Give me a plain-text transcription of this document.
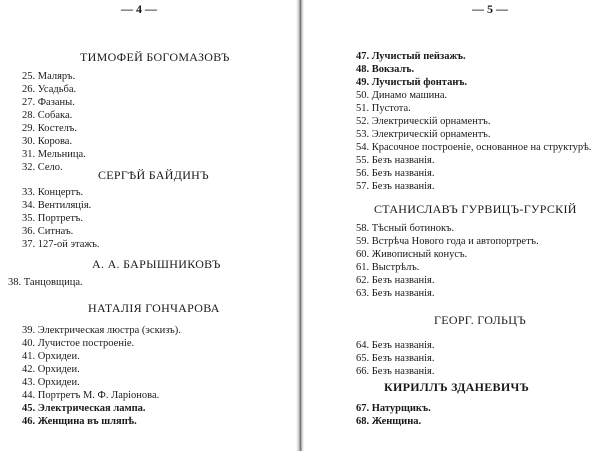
— 4 —
ТИМОФЕЙ БОГОМАЗОВЪ
25. Маляръ.
26. Усадьба.
27. Фазаны.
28. Собака.
29. Костелъ.
30. Корова.
31. Мельница.
32. Село.
СЕРГѢЙ БАЙДИНЪ
33. Концертъ.
34. Вентиляція.
35. Портретъ.
36. Ситнаъ.
37. 127-ой этажъ.
А. А. БАРЫШНИКОВЪ
38. Танцовщица.
НАТАЛІЯ ГОНЧАРОВА
39. Электрическая люстра (эскизъ).
40. Лучистое построеніе.
41. Орхидеи.
42. Орхидеи.
43. Орхидеи.
44. Портретъ М. Ф. Ларіонова.
45. Электрическая лампа.
46. Женщина въ шляпѣ.
— 5 —
47. Лучистый пейзажъ.
48. Вокзалъ.
49. Лучистый фонтанъ.
50. Динамо машина.
51. Пустота.
52. Электрическій орнаментъ.
53. Электрическій орнаментъ.
54. Красочное построеніе, основанное на структурѣ.
55. Безъ названія.
56. Безъ названія.
57. Безъ названія.
СТАНИСЛАВЪ ГУРВИЦЪ-ГУРСКІЙ
58. Тѣсный ботинокъ.
59. Встрѣча Нового года и автопортретъ.
60. Живописный конусъ.
61. Выстрѣлъ.
62. Безъ названія.
63. Безъ названія.
ГЕОРГ. ГОЛЬЦЪ
64. Безъ названія.
65. Безъ названія.
66. Безъ названія.
КИРИЛЛЪ ЗДАНЕВИЧЪ
67. Натурщикъ.
68. Женщина.
